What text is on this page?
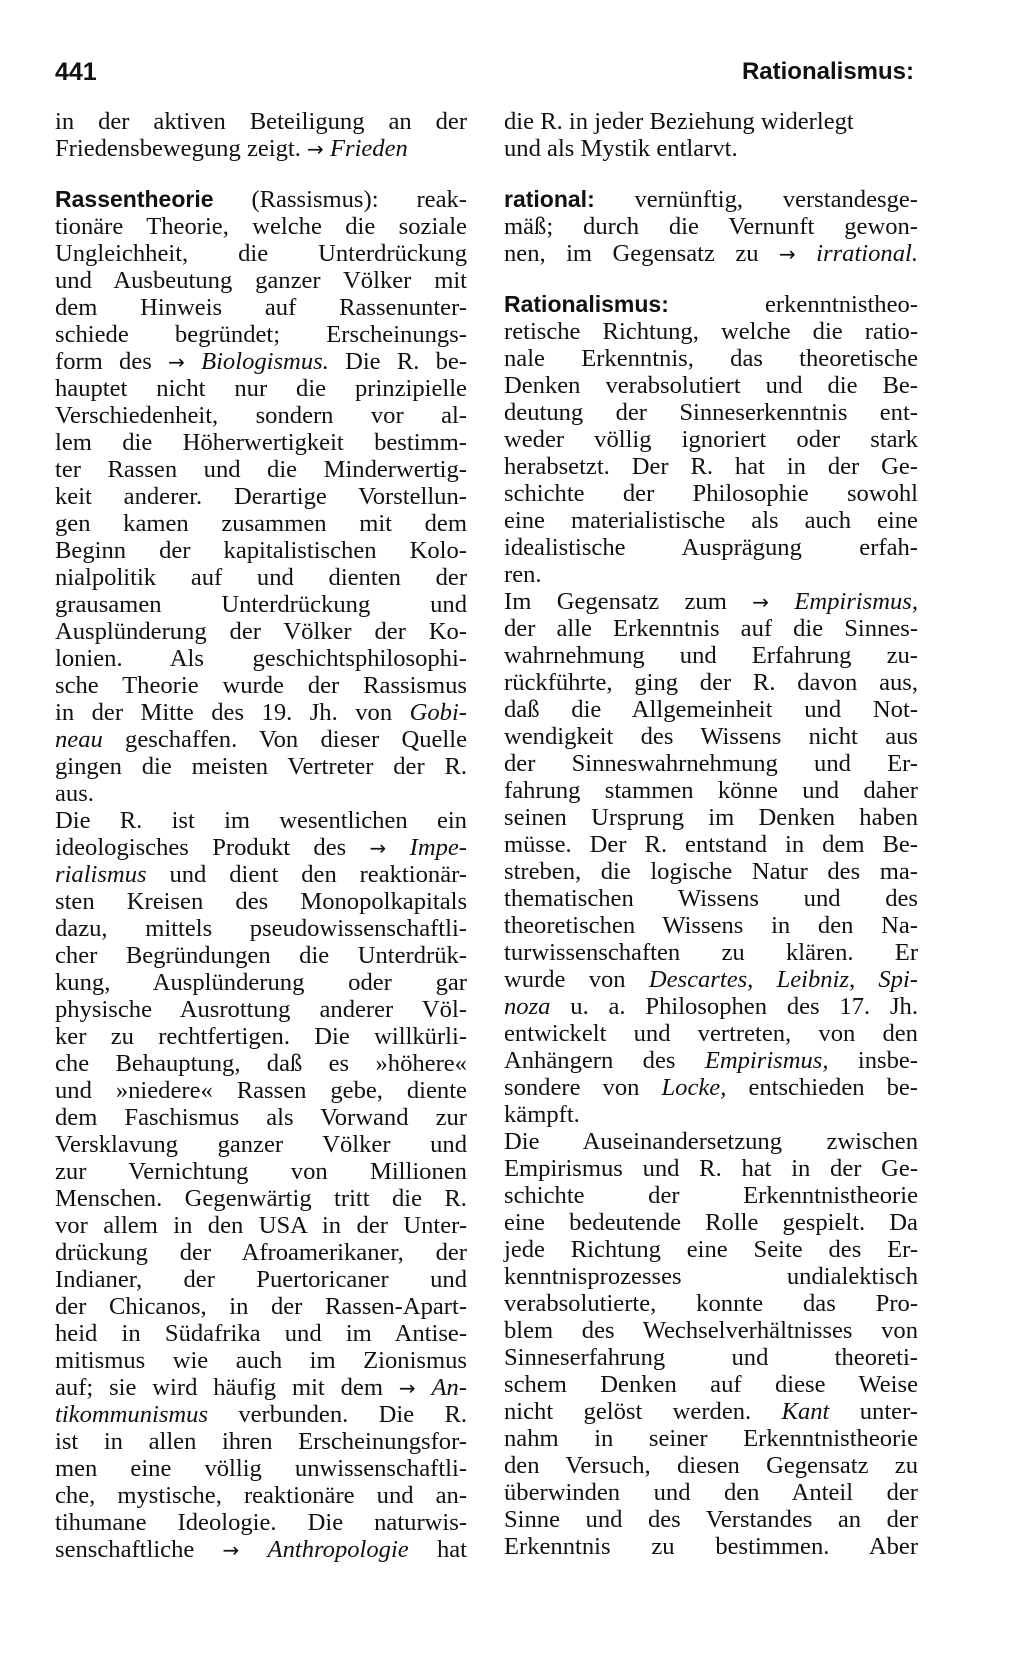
441	Rationalismus:
in der aktiven Beteiligung an der
Friedensbewegung zeigt. → Frieden
Rassentheorie (Rassismus): reak-
tionäre Theorie, welche die soziale
Ungleichheit, die Unterdrückung
und Ausbeutung ganzer Völker mit
dem Hinweis auf Rassenunter-
schiede begründet; Erscheinungs-
form des → Biologismus. Die R. be-
hauptet nicht nur die prinzipielle
Verschiedenheit, sondern vor al-
lem die Höherwertigkeit bestimm-
ter Rassen und die Minderwertig-
keit anderer. Derartige Vorstellun-
gen kamen zusammen mit dem
Beginn der kapitalistischen Kolo-
nialpolitik auf und dienten der
grausamen Unterdrückung und
Ausplünderung der Völker der Ko-
lonien. Als geschichtsphilosophi-
sche Theorie wurde der Rassismus
in der Mitte des 19. Jh. von Gobi-
neau geschaffen. Von dieser Quelle
gingen die meisten Vertreter der R.
aus.
Die R. ist im wesentlichen ein
ideologisches Produkt des → Impe-
rialismus und dient den reaktionär-
sten Kreisen des Monopolkapitals
dazu, mittels pseudowissenschaftli-
cher Begründungen die Unterdrük-
kung, Ausplünderung oder gar
physische Ausrottung anderer Völ-
ker zu rechtfertigen. Die willkürli-
che Behauptung, daß es »höhere«
und »niedere« Rassen gebe, diente
dem Faschismus als Vorwand zur
Versklavung ganzer Völker und
zur Vernichtung von Millionen
Menschen. Gegenwärtig tritt die R.
vor allem in den USA in der Unter-
drückung der Afroamerikaner, der
Indianer, der Puertoricaner und
der Chicanos, in der Rassen-Apart-
heid in Südafrika und im Antise-
mitismus wie auch im Zionismus
auf; sie wird häufig mit dem → An-
tikommunismus verbunden. Die R.
ist in allen ihren Erscheinungsfor-
men eine völlig unwissenschaftli-
che, mystische, reaktionäre und an-
tihumane Ideologie. Die naturwis-
senschaftliche → Anthropologie hat
die R. in jeder Beziehung widerlegt
und als Mystik entlarvt.
rational: vernünftig, verstandesge-
mäß; durch die Vernunft gewon-
nen, im Gegensatz zu → irrational.
Rationalismus:	erkenntnistheo-
retische Richtung, welche die ratio-
nale Erkenntnis, das theoretische
Denken verabsolutiert und die Be-
deutung der Sinneserkenntnis ent-
weder völlig ignoriert oder stark
herabsetzt. Der R. hat in der Ge-
schichte der Philosophie sowohl
eine materialistische als auch eine
idealistische Ausprägung erfah-
ren.
Im Gegensatz zum → Empirismus,
der alle Erkenntnis auf die Sinnes-
wahrnehmung und Erfahrung zu-
rückführte, ging der R. davon aus,
daß die Allgemeinheit und Not-
wendigkeit des Wissens nicht aus
der Sinneswahrnehmung und Er-
fahrung stammen könne und daher
seinen Ursprung im Denken haben
müsse. Der R. entstand in dem Be-
streben, die logische Natur des ma-
thematischen Wissens und des
theoretischen Wissens in den Na-
turwissenschaften zu klären. Er
wurde von Descartes, Leibniz, Spi-
noza u. a. Philosophen des 17. Jh.
entwickelt und vertreten, von den
Anhängern des Empirismus, insbe-
sondere von Locke, entschieden be-
kämpft.
Die Auseinandersetzung zwischen
Empirismus und R. hat in der Ge-
schichte	der	Erkenntnistheorie
eine bedeutende Rolle gespielt. Da
jede Richtung eine Seite des Er-
kenntnisprozesses	undialektisch
verabsolutierte, konnte das Pro-
blem des Wechselverhältnisses von
Sinneserfahrung	und	theoreti-
schem Denken auf diese Weise
nicht gelöst werden. Kant unter-
nahm in seiner Erkenntnistheorie
den Versuch, diesen Gegensatz zu
überwinden und den Anteil der
Sinne und des Verstandes an der
Erkenntnis zu bestimmen. Aber
